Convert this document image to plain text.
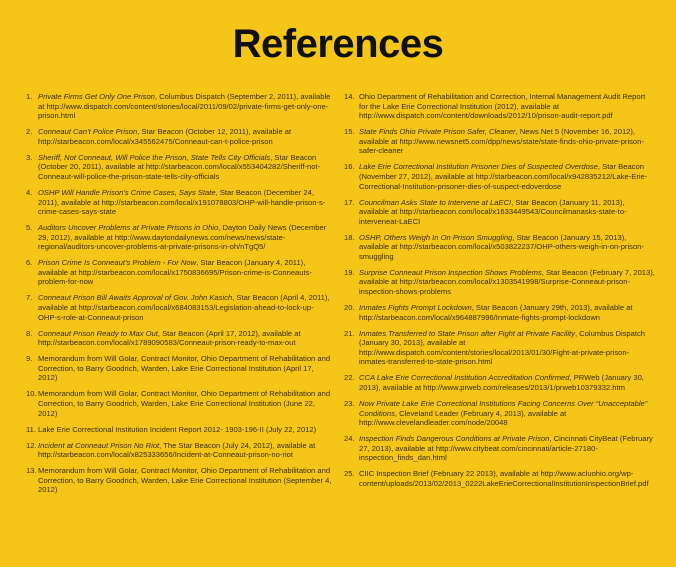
References
1. Private Firms Get Only One Prison, Columbus Dispatch (September 2, 2011), available at http://www.dispatch.com/content/stories/local/2011/09/02/private-firms-get-only-one-prison.html
2. Conneaut Can’t Police Prison, Star Beacon (October 12, 2011), available at http://starbeacon.com/local/x345562475/Conneaut-can-t-police-prison
3. Sheriff, Not Conneaut, Will Police the Prison, State Tells City Officials, Star Beacon (October 20, 2011), available at http://starbeacon.com/local/x553404282/Sheriff-not-Conneaut-will-police-the-prison-state-tells-city-officials
4. OSHP Will Handle Prison’s Crime Cases, Says State, Star Beacon (December 24, 2011), available at http://starbeacon.com/local/x191078803/OHP-will-handle-prison-s-crime-cases-says-state
5. Auditors Uncover Problems at Private Prisons in Ohio, Dayton Daily News (December 29, 2012), available at http://www.daytondailynews.com/news/news/state-regional/auditors-uncover-problems-at-private-prisons-in-oh/nTgQ5/
6. Prison Crime Is Conneaut’s Problem - For Now, Star Beacon (January 4, 2011), available at http://starbeacon.com/local/x1750836695/Prison-crime-is-Conneauts-problem-for-now
7. Conneaut Prison Bill Awaits Approval of Gov. John Kasich, Star Beacon (April 4, 2011), available at http://starbeacon.com/local/x684083153/Legislation-ahead-to-lock-up-OHP-s-role-at-Conneaut-prison
8. Conneaut Prison Ready to Max Out, Star Beacon (April 17, 2012), available at http://starbeacon.com/local/x1789090583/Conneaut-prison-ready-to-max-out
9. Memorandum from Will Golar, Contract Monitor, Ohio Department of Rehabilitation and Correction, to Barry Goodrich, Warden, Lake Erie Correctional Institution (April 17, 2012)
10. Memorandum from Will Golar, Contract Monitor, Ohio Department of Rehabilitation and Correction, to Barry Goodrich, Warden, Lake Erie Correctional Institution (June 22, 2012)
11. Lake Erie Correctional Institution Incident Report 2012- 1903-196-II (July 22, 2012)
12. Incident at Conneaut Prison No Riot, The Star Beacon (July 24, 2012), available at http://starbeacon.com/local/x825333656/Incident-at-Conneaut-prison-no-riot
13. Memorandum from Will Golar, Contract Monitor, Ohio Department of Rehabilitation and Correction, to Barry Goodrich, Warden, Lake Erie Correctional Institution (September 4, 2012)
14. Ohio Department of Rehabilitation and Correction, Internal Management Audit Report for the Lake Erie Correctional Institution (2012), available at http://www.dispatch.com/content/downloads/2012/10/prison-audit-report.pdf
15. State Finds Ohio Private Prison Safer, Cleaner, News Net 5 (November 16, 2012), available at http://www.newsnet5.com/dpp/news/state/state-finds-ohio-private-prison-safer-cleaner
16. Lake Erie Correctional Institution Prisoner Dies of Suspected Overdose, Star Beacon (November 27, 2012), available at http://starbeacon.com/local/x942835212/Lake-Erie-Correctional-Institution-prisoner-dies-of-suspect-edoverdose
17. Councilman Asks State to Intervene at LaECI, Star Beacon (January 11, 2013), available at http://starbeacon.com/local/x1633449543/Councilmanasks-state-to-interveneat-LaECI
18. OSHP, Others Weigh In On Prison Smuggling, Star Beacon (January 15, 2013), available at http://starbeacon.com/local/x503822237/OHP-others-weigh-in-on-prison-smuggling
19. Surprise Conneaut Prison Inspection Shows Problems, Star Beacon (February 7, 2013), available at http://starbeacon.com/local/x1303541998/Surprise-Conneaut-prison-inspection-shows-problems
20. Inmates Fights Prompt Lockdown, Star Beacon (January 29th, 2013), available at http://starbeacon.com/local/x964887996/Inmate-fights-prompt-lockdown
21. Inmates Transferred to State Prison after Fight at Private Facility, Columbus Dispatch (January 30, 2013), available at http://www.dispatch.com/content/stories/local/2013/01/30/Fight-at-private-prison-inmates-transferred-to-state-prison.html
22. CCA Lake Erie Correctional Institution Accreditation Confirmed, PRWeb (January 30, 2013), available at http://www.prweb.com/releases/2013/1/prweb10379332.htm
23. Now Private Lake Erie Correctional Institutions Facing Concerns Over “Unacceptable” Conditions, Cleveland Leader (February 4, 2013), available at http://www.clevelandleader.com/node/20048
24. Inspection Finds Dangerous Conditions at Private Prison, Cincinnati CityBeat (February 27, 2013), available at http://www.citybeat.com/cincinnati/article-27180-inspection_finds_dan.html
25. CIIC Inspection Brief (February 22 2013), available at http://www.acluohio.org/wp-content/uploads/2013/02/2013_0222LakeErieCorrectionalInstitutionInspectionBrief.pdf
